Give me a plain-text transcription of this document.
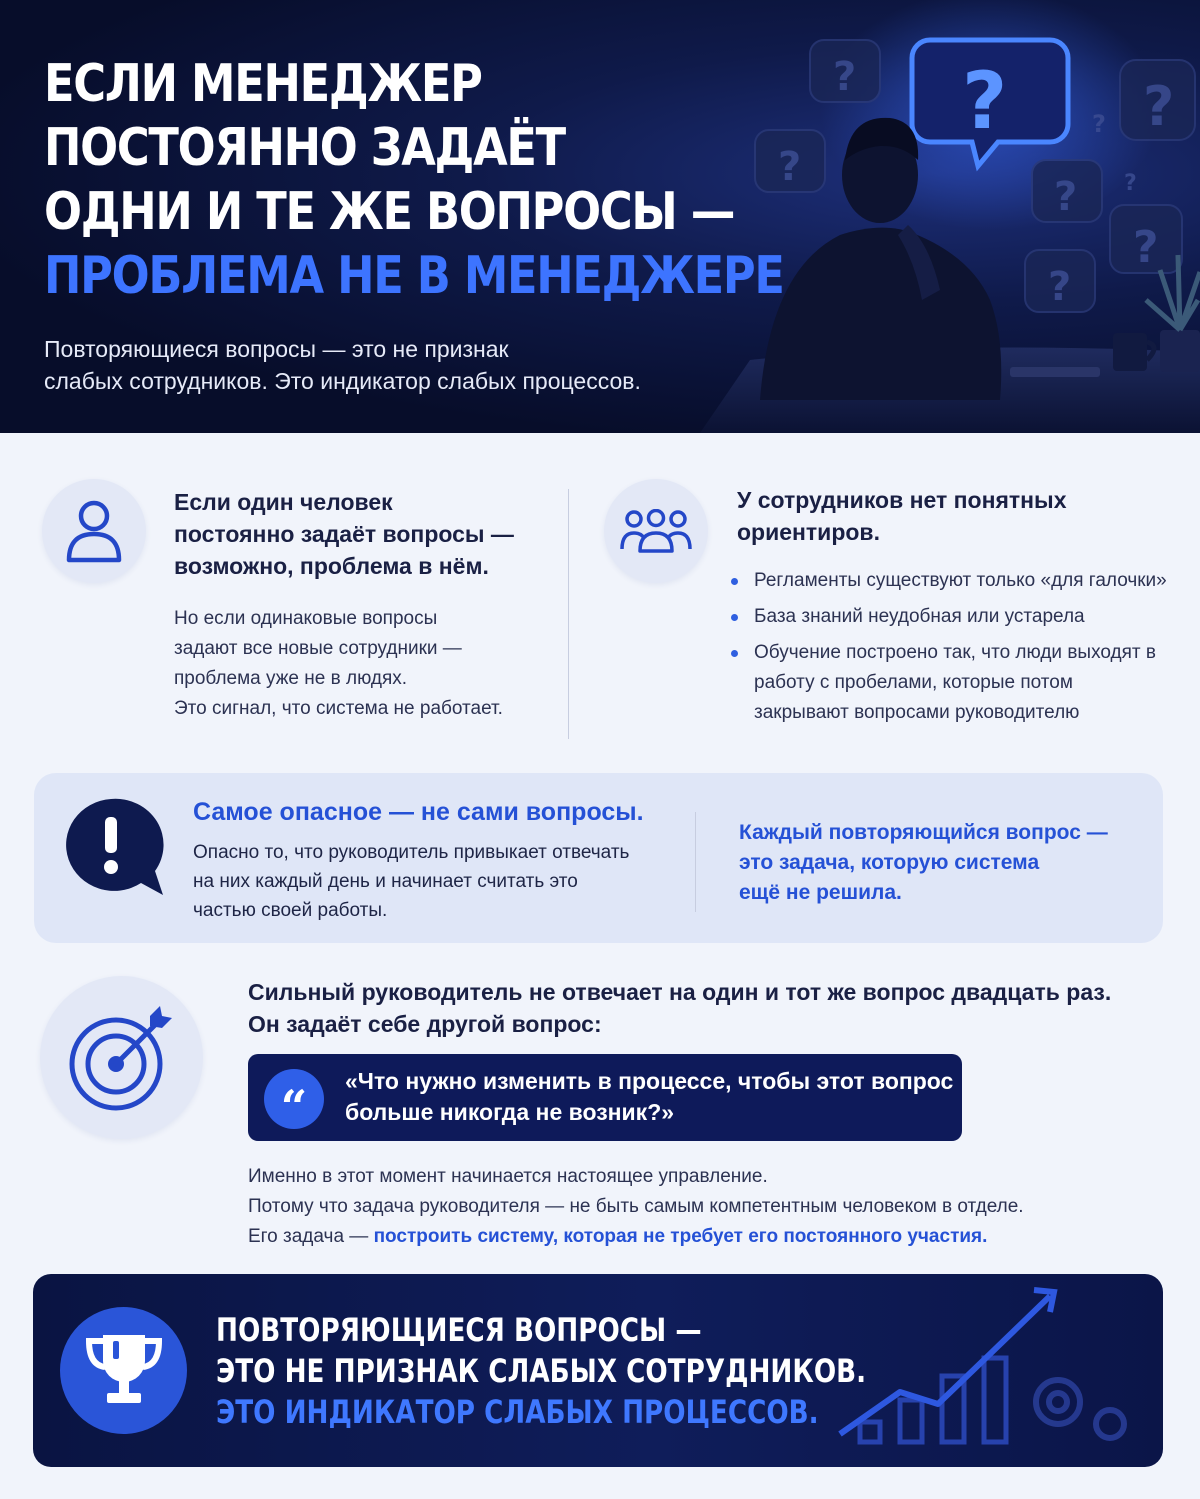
ЕСЛИ МЕНЕДЖЕР
ПОСТОЯННО ЗАДАЁТ
ОДНИ И ТЕ ЖЕ ВОПРОСЫ —
ПРОБЛЕМА НЕ В МЕНЕДЖЕРЕ
Повторяющиеся вопросы — это не признак
слабых сотрудников. Это индикатор слабых процессов.
?
?
?
?
?
?
?
?
?
Если один человек
постоянно задаёт вопросы —
возможно, проблема в нём.
Но если одинаковые вопросы
задают все новые сотрудники —
проблема уже не в людях.
Это сигнал, что система не работает.
У сотрудников нет понятных
ориентиров.
Регламенты существуют только «для галочки»
База знаний неудобная или устарела
Обучение построено так, что люди выходят в работу с пробелами, которые потом закрывают вопросами руководителю
Самое опасное — не сами вопросы.
Опасно то, что руководитель привыкает отвечать
на них каждый день и начинает считать это
частью своей работы.
Каждый повторяющийся вопрос —
это задача, которую система
ещё не решила.
Сильный руководитель не отвечает на один и тот же вопрос двадцать раз.
Он задаёт себе другой вопрос:
“	«Что нужно изменить в процессе, чтобы этот вопрос
больше никогда не возник?»
Именно в этот момент начинается настоящее управление.
Потому что задача руководителя — не быть самым компетентным человеком в отделе.
Его задача — построить систему, которая не требует его постоянного участия.
ПОВТОРЯЮЩИЕСЯ ВОПРОСЫ —
ЭТО НЕ ПРИЗНАК СЛАБЫХ СОТРУДНИКОВ.
ЭТО ИНДИКАТОР СЛАБЫХ ПРОЦЕССОВ.
